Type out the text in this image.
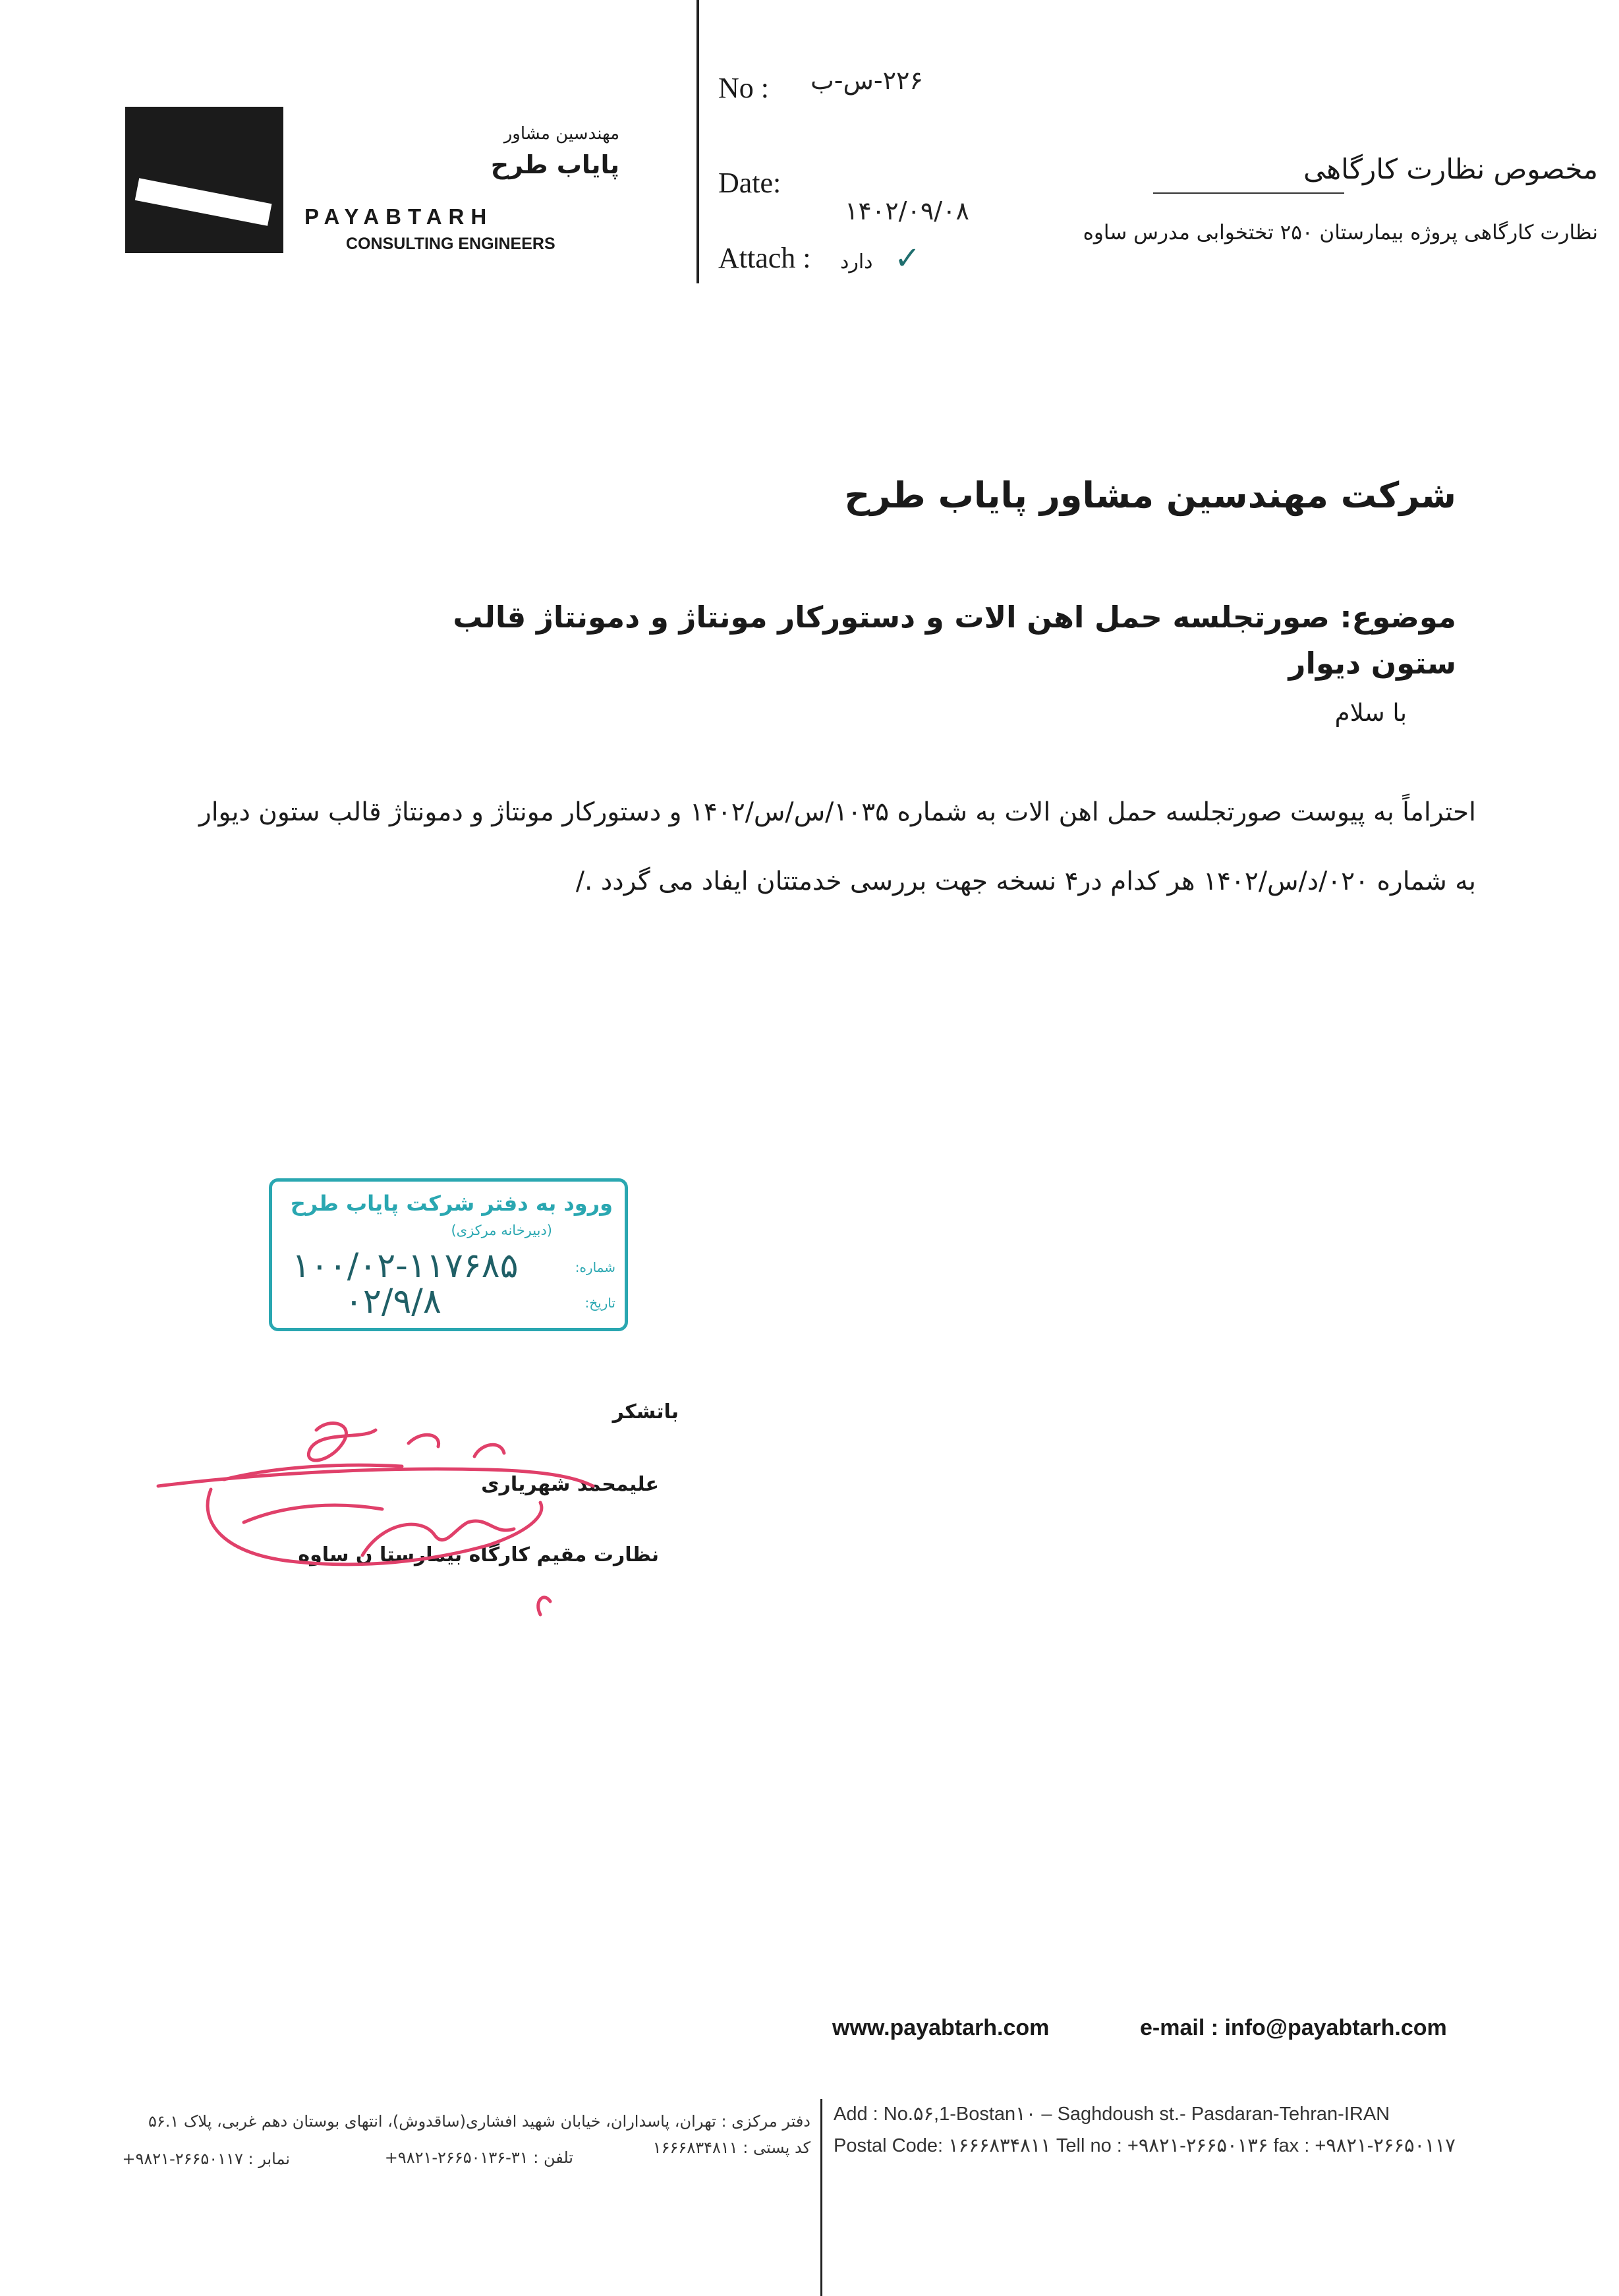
مهندسین مشاور
پایاب طرح
PAYABTARH
CONSULTING ENGINEERS
No : ۲۲۶-س-ب
Date:
۱۴۰۲/۰۹/۰۸
Attach : دارد ✓
مخصوص نظارت کارگاهی
نظارت کارگاهی پروژه بیمارستان ۲۵۰ تختخوابی مدرس ساوه
شرکت مهندسین مشاور پایاب طرح
موضوع: صورتجلسه حمل اهن الات و دستورکار مونتاژ و دمونتاژ قالب ستون دیوار
با سلام
احتراماً به پیوست صورتجلسه حمل اهن الات به شماره ۱۰۳۵/س/س/۱۴۰۲ و دستورکار مونتاژ و دمونتاژ قالب ستون دیوار
به شماره ۰۲۰/د/س/۱۴۰۲ هر کدام در۴ نسخه جهت بررسی خدمتتان ایفاد می گردد ./
ورود به دفتر شرکت پایاب طرح
(دبیرخانه مرکزی)
شماره:
۱۰۰/۰۲-۱۱۷۶۸۵
تاریخ:
۰۲/۹/۸
باتشکر
علیمحمد شهریاری
نظارت مقیم کارگاه بیمارستا ن ساوه
www.payabtarh.com	e-mail : info@payabtarh.com
Add : No.۵۶,1-Bostan۱۰ – Saghdoush st.- Pasdaran-Tehran-IRAN
Postal Code: ۱۶۶۶۸۳۴۸۱۱ Tell no : +۹۸۲۱-۲۶۶۵۰۱۳۶ fax : +۹۸۲۱-۲۶۶۵۰۱۱۷
دفتر مرکزی : تهران، پاسداران، خیابان شهید افشاری(ساقدوش)، انتهای بوستان دهم غربی، پلاک ۵۶.۱
کد پستی : ۱۶۶۶۸۳۴۸۱۱
تلفن : ۳۱-۲۶۶۵۰۱۳۶-۹۸۲۱+
نمابر : ۲۶۶۵۰۱۱۷-۹۸۲۱+
